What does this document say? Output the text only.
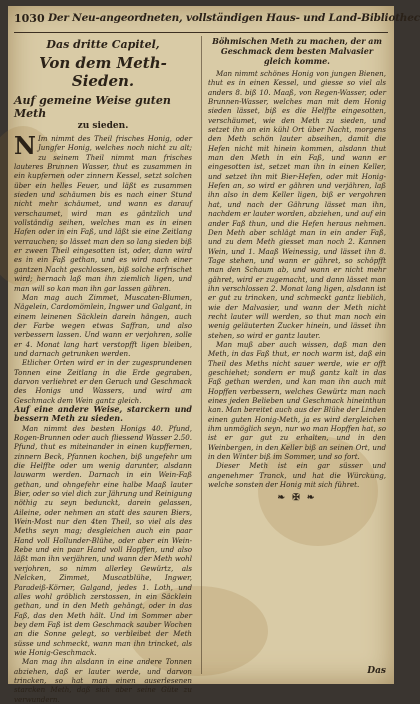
1030 Der Neu-angeordneten, vollständigen Haus- und Land-Bibliothec
Das dritte Capitel,
Von dem Meth-Sieden.
Auf gemeine Weise guten Meth
zu sieden.

N Im nimmt des Theil frisches Honig, oder Jungfer Honig, welches noch nicht zu alt; zu seinem Theil nimmt man frisches lauteres Brunnen Wasser, thut es zusammen in ein kupfernen oder zinnern Kessel, setzt solchen über ein helles Feuer, und läßt es zusammen sieden und schäumen bis es nach einer Stund nicht mehr schäumet, und wann es darauf verschaumet, wird man es gäntzlich und vollständig seihen, welches man es in einen Hafen oder in ein Faß, und läßt sie eine Zeitlang verrauchen; so lässet man den so lang sieden biß er zween Theil eingesotten ist, oder, dann wird es in ein Faß gethan, und es wird nach einer gantzen Nacht geschlossen, biß solche erfrischet wird; hernach laß man ihn ziemlich ligen, und man will so kan man ihn gar lassen gähren.

Man mag auch Zimmet, Muscaten-Blumen, Nägelein, Cardomömlein, Ingwer und Galgant, in einem leinenen Säcklein darein hängen, auch der Farbe wegen etwas Saffran, und also verbessern lassen. Und wann er verjohren, solle er 4. Monat lang hart verstopfft ligen bleiben, und darnach getrunken werden.

Etlicher Orten wird er in der zugesprundenen Tonnen eine Zeitlang in die Erde gegraben, darvon verliehret er den Geruch und Geschmack des Honigs und Wassers, und wird am Geschmack dem Wein gantz gleich.

Auf eine andere Weise, starckern und bessern Meth zu sieden.

Man nimmt des besten Honigs 40. Pfund, Rogen-Brunnen oder auch fliessend Wasser 2.50. Pfund, thut es miteinander in einen kupffernen, zinnern Beck, Pfannen kochen, biß ungefehr um die Helffte oder um wenig darunter, alsdann lauwarm werden. Darnach in ein Wein-Faß gethan, und ohngefehr eine halbe Maaß lauter Bier, oder so viel dich zur Jährung und Reinigung nöthig zu seyn bedunckt, darein gelassen, Aileine, oder nehmen an statt des sauren Biers, Wein-Most nur den 4ten Theil, so viel als des Meths seyn mag; desgleichen auch ein paar Hand voll Hollunder-Blühe, oder aber ein Wein-Rebe und ein paar Hand voll Hopffen, und also läßt man ihn verjähren, und wann der Meth wohl verjohren, so nimm allerley Gewürtz, als Nelcken, Zimmet, Muscatblühe, Ingwer, Paradeiß-Körner, Galgand, jedes 1. Loth, und alles wohl gröblich zerstossen, in ein Säcklein gethan, und in den Meth gehängt, oder in das Faß, das den Meth hält. Und im Sommer aber bey dem Faß ist dem Geschmack sauber Wochen an die Sonne gelegt, so verbleibet der Meth süsse und schmeckt, wann man ihn trincket, als wie Honig-Geschmack.

Man mag ihn alsdann in eine andere Tonnen abziehen, daß er lauter werde, und darvon trincken, so hat man einen auserlesenen starcken Meth, daß sich aber seine Güte zu verwundern.

Böhmischen Meth zu machen, der am Geschmack dem besten Malvasier gleich komme.

Man nimmt schönes Honig von jungen Bienen, thut es in einen Kessel, und giesse so viel als anders 8. biß 10. Maaß, von Regen-Wasser, oder Brunnen-Wasser, welches man mit dem Honig sieden lässet, biß es die Helffte eingesotten, verschäumet, wie den Meth zu sieden, und setzet ihn an ein kühl Ort über Nacht, morgens den Meth schön lauter abseihen, damit die Hefen nicht mit hinein kommen, alsdann thut man den Meth in ein Faß, und wann er eingesotten ist, setzet man ihn in einen Keller, und setzet ihn mit Bier-Hefen, oder mit Honig-Hefen an, so wird er gähren und verjähren, laß ihn also in dem Keller ligen, biß er vergohren hat, und nach der Gährung lässet man ihn, nachdem er lauter worden, abziehen, und auf ein ander Faß thun, und die Hefen heraus nehmen. Den Meth aber schlägt man in ein ander Faß, und zu dem Meth giesset man noch 2. Kannen Wein, und 1. Maaß Weinessig, und lässet ihn 8. Tage stehen, und wann er gähret, so schöpfft man den Schaum ab, und wann er nicht mehr gähret, wird er zugemacht, und dann lässet man ihn verschlossen 2. Monat lang ligen, alsdann ist er gut zu trincken, und schmeckt gantz lieblich, wie der Malvasier, und wann der Meth nicht recht lauter will werden, so thut man noch ein wenig geläuterten Zucker hinein, und lässet ihn stehen, so wird er gantz lauter.

Man muß aber auch wissen, daß man den Meth, in das Faß thut, er noch warm ist, daß ein Theil des Meths nicht sauer werde, wie er offt geschiehet; sondern er muß gantz kalt in das Faß gethan werden, und kan man ihn auch mit Hopffen verbessern, welches Gewürtz man nach eines jeden Belieben und Geschmack hineinthun kan. Man bereitet auch aus der Blühe der Linden einen guten Honig-Meth, ja es wird dergleichen ihm unmöglich seyn, nur wo man Hopffen hat, so ist er gar gut zu erhalten, und in den Weinbergen, in den Keller biß an seinen Ort, und in den Winter biß im Sommer, und so fort.

Dieser Meth ist ein gar süsser und angenehmer Tranck, und hat die Würckung, welche sonsten der Honig mit sich führet.

❧ ✠ ❧
Das
